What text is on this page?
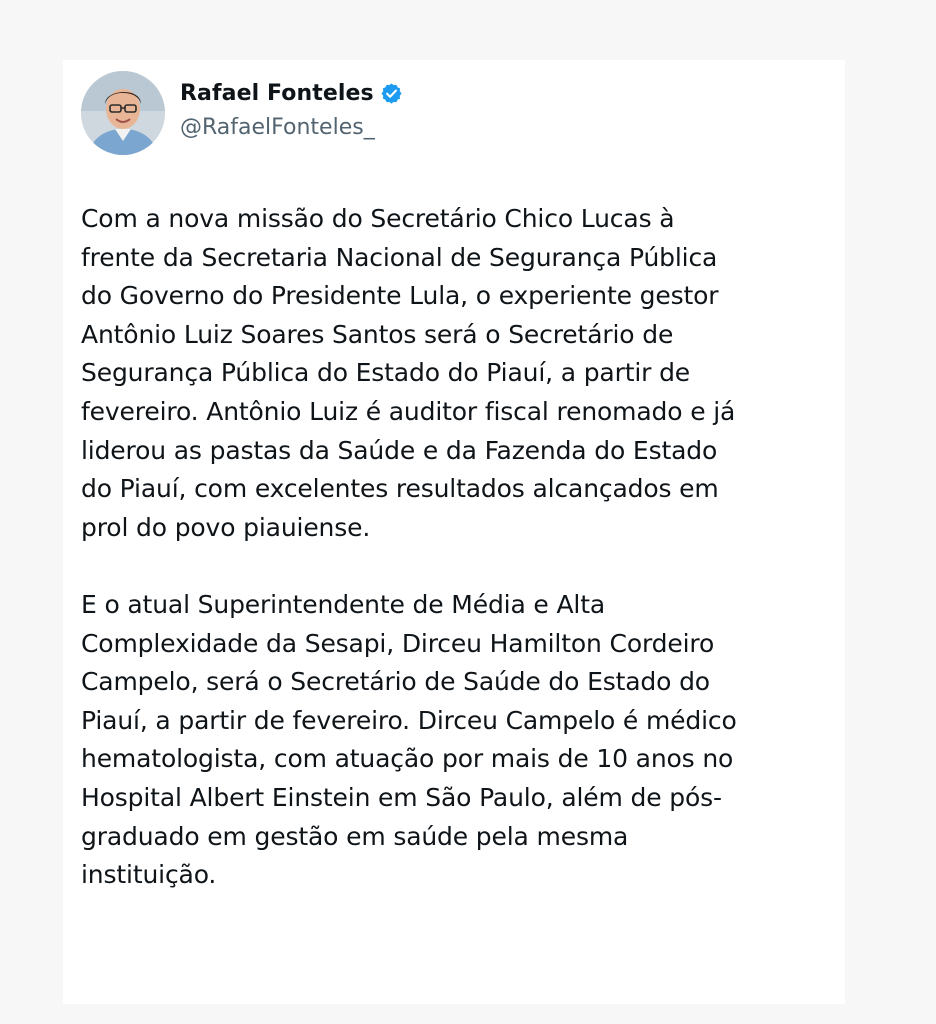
Rafael Fonteles
@RafaelFonteles_

Com a nova missão do Secretário Chico Lucas à
frente da Secretaria Nacional de Segurança Pública
do Governo do Presidente Lula, o experiente gestor
Antônio Luiz Soares Santos será o Secretário de
Segurança Pública do Estado do Piauí, a partir de
fevereiro. Antônio Luiz é auditor fiscal renomado e já
liderou as pastas da Saúde e da Fazenda do Estado
do Piauí, com excelentes resultados alcançados em
prol do povo piauiense.

E o atual Superintendente de Média e Alta
Complexidade da Sesapi, Dirceu Hamilton Cordeiro
Campelo, será o Secretário de Saúde do Estado do
Piauí, a partir de fevereiro. Dirceu Campelo é médico
hematologista, com atuação por mais de 10 anos no
Hospital Albert Einstein em São Paulo, além de pós-
graduado em gestão em saúde pela mesma
instituição.
